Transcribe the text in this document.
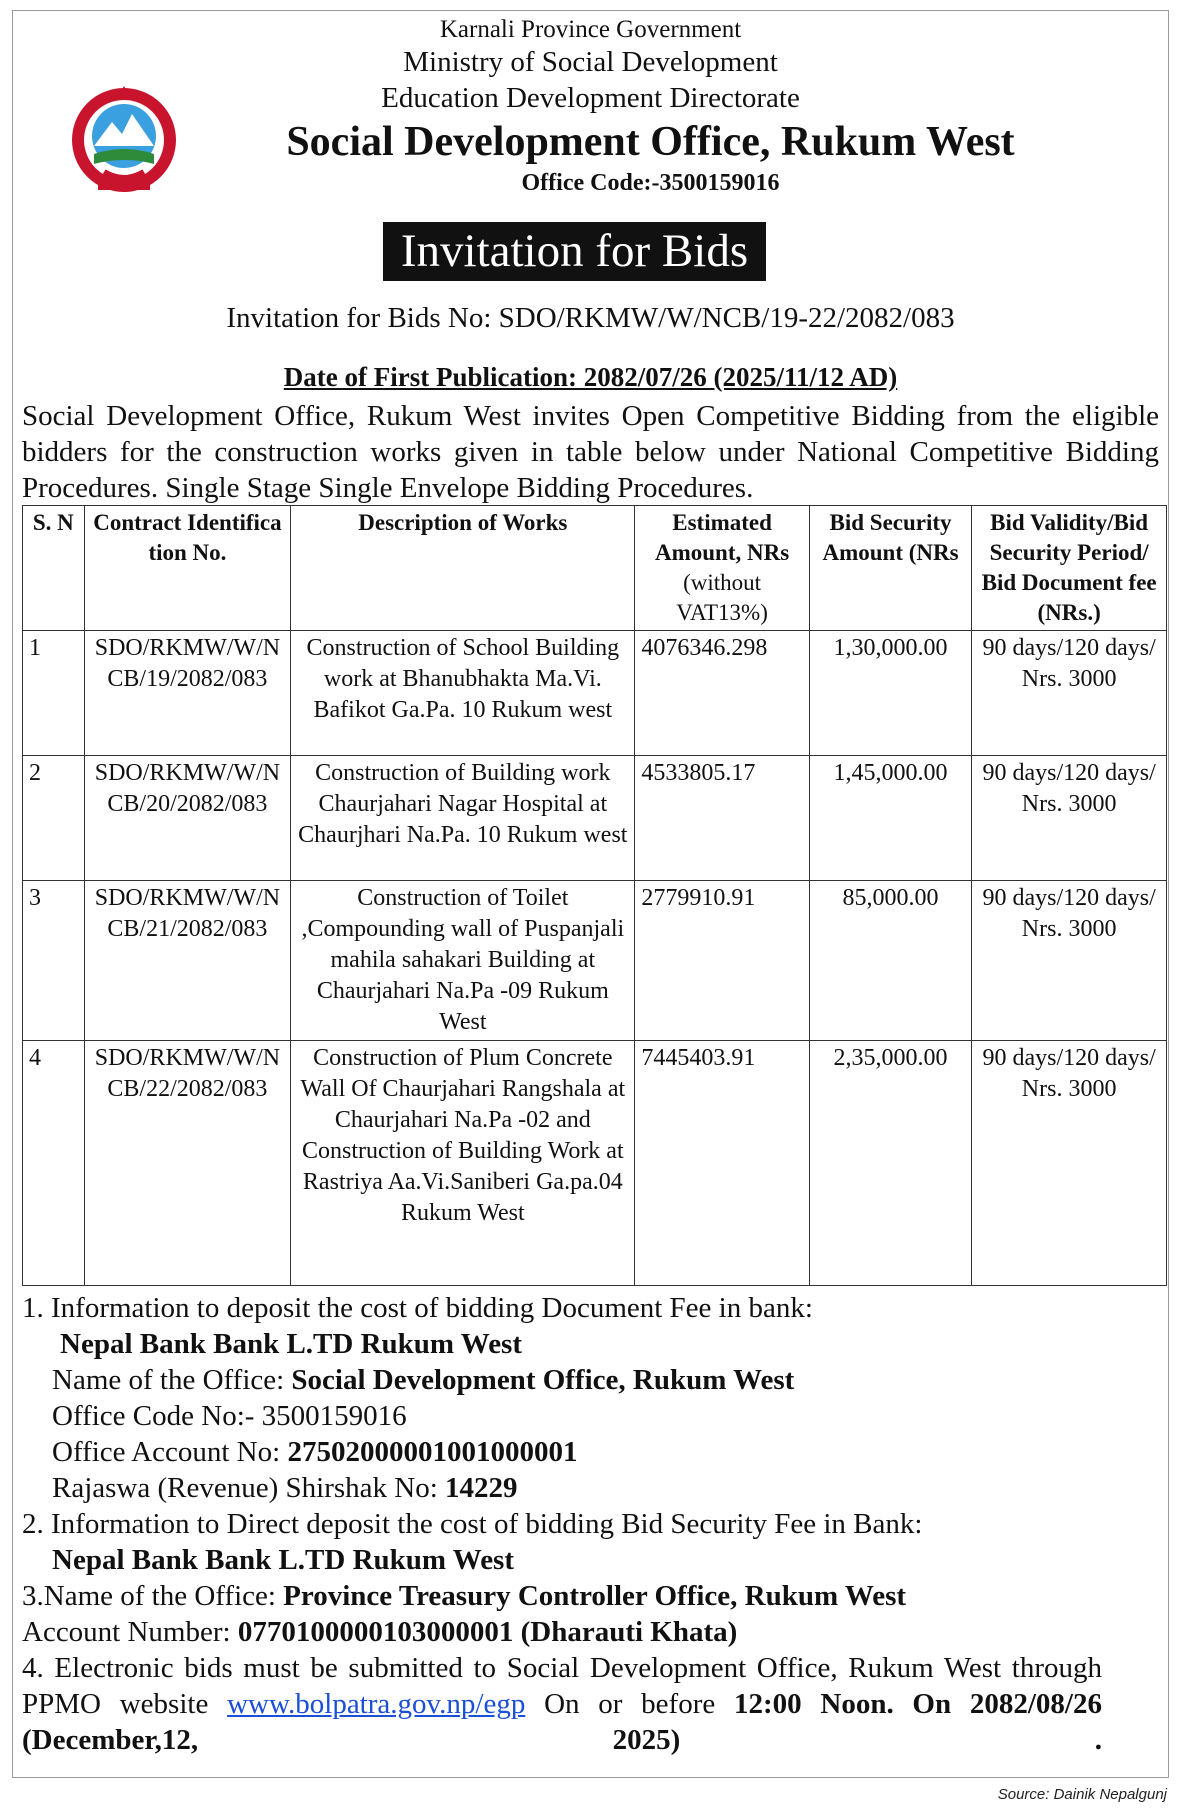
Karnali Province Government
Ministry of Social Development
Education Development Directorate
Social Development Office, Rukum West
Office Code:-3500159016
Invitation for Bids
Invitation for Bids No: SDO/RKMW/W/NCB/19-22/2082/083
Date of First Publication: 2082/07/26 (2025/11/12 AD)
Social Development Office, Rukum West invites Open Competitive Bidding from the eligible bidders for the construction works given in table below under National Competitive Bidding Procedures. Single Stage Single Envelope Bidding Procedures.
S. N	Contract Identification No.	Description of Works	Estimated Amount, NRs (without VAT13%)	Bid Security Amount (NRs	Bid Validity/Bid Security Period/ Bid Document fee (NRs.)
1	SDO/RKMW/W/NCB/19/2082/083	Construction of School Building work at Bhanubhakta Ma.Vi. Bafikot Ga.Pa. 10 Rukum west	4076346.298	1,30,000.00	90 days/120 days/ Nrs. 3000
2	SDO/RKMW/W/NCB/20/2082/083	Construction of Building work Chaurjahari Nagar Hospital at Chaurjhari Na.Pa. 10 Rukum west	4533805.17	1,45,000.00	90 days/120 days/ Nrs. 3000
3	SDO/RKMW/W/NCB/21/2082/083	Construction of Toilet ,Compounding wall of Puspanjali mahila sahakari Building at Chaurjahari Na.Pa -09 Rukum West	2779910.91	85,000.00	90 days/120 days/ Nrs. 3000
4	SDO/RKMW/W/NCB/22/2082/083	Construction of Plum Concrete Wall Of Chaurjahari Rangshala at Chaurjahari Na.Pa -02 and Construction of Building Work at Rastriya Aa.Vi.Saniberi Ga.pa.04 Rukum West	7445403.91	2,35,000.00	90 days/120 days/ Nrs. 3000
1. Information to deposit the cost of bidding Document Fee in bank:
Nepal Bank Bank L.TD Rukum West
Name of the Office: Social Development Office, Rukum West
Office Code No:- 3500159016
Office Account No: 27502000001001000001
Rajaswa (Revenue) Shirshak No: 14229
2. Information to Direct deposit the cost of bidding Bid Security Fee in Bank:
Nepal Bank Bank L.TD Rukum West
3.Name of the Office: Province Treasury Controller Office, Rukum West
Account Number: 0770100000103000001 (Dharauti Khata)
4. Electronic bids must be submitted to Social Development Office, Rukum West through PPMO website www.bolpatra.gov.np/egp On or before 12:00 Noon. On 2082/08/26 (December,12, 2025) .
Source: Dainik Nepalgunj
